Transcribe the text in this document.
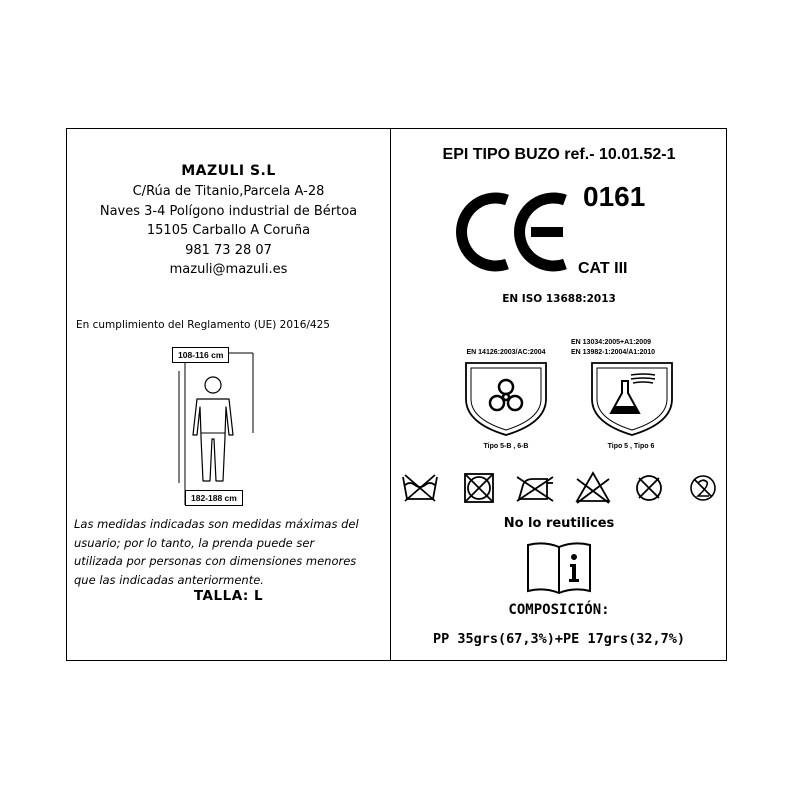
MAZULI S.L
C/Rúa de Titanio,Parcela A-28
Naves 3-4 Polígono industrial de Bértoa
15105 Carballo A Coruña
981 73 28 07
mazuli@mazuli.es
En cumplimiento del Reglamento (UE) 2016/425
108-116 cm
182-188 cm
Las medidas indicadas son medidas máximas del
usuario; por lo tanto, la prenda puede ser
utilizada por personas con dimensiones menores
que las indicadas anteriormente.
TALLA: L
EPI TIPO BUZO ref.- 10.01.52-1
0161
CAT III
EN ISO 13688:2013
EN 14126:2003/AC:2004
Tipo 5-B , 6-B
EN 13034:2005+A1:2009
EN 13982-1:2004/A1:2010
Tipo 5 , Tipo 6
No lo reutilices
COMPOSICIÓN:
PP 35grs(67,3%)+PE 17grs(32,7%)
